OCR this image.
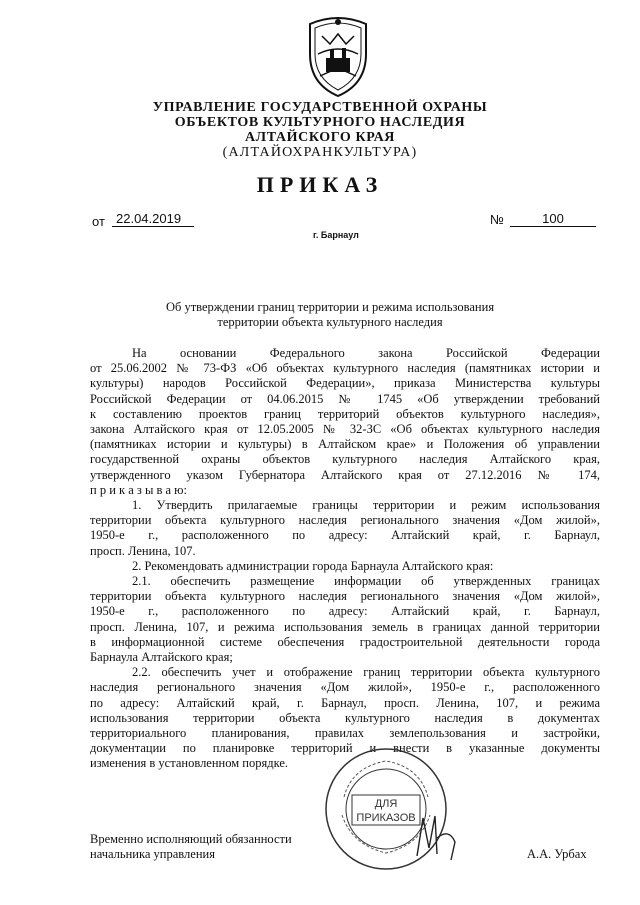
УПРАВЛЕНИЕ ГОСУДАРСТВЕННОЙ ОХРАНЫ
ОБЪЕКТОВ КУЛЬТУРНОГО НАСЛЕДИЯ
АЛТАЙСКОГО КРАЯ
(АЛТАЙОХРАНКУЛЬТУРА)
ПРИКАЗ
от 22.04.2019	№	100
г. Барнаул
Об утверждении границ территории и режима использования
территории объекта культурного наследия

На основании Федерального закона Российской Федерации

от 25.06.2002 № 73-ФЗ «Об объектах культурного наследия (памятниках истории и

культуры) народов Российской Федерации», приказа Министерства культуры

Российской Федерации от 04.06.2015 № 1745 «Об утверждении требований

к составлению проектов границ территорий объектов культурного наследия»,

закона Алтайского края от 12.05.2005 № 32-ЗС «Об объектах культурного наследия

(памятниках истории и культуры) в Алтайском крае» и Положения об управлении

государственной охраны объектов культурного наследия Алтайского края,

утвержденного указом Губернатора Алтайского края от 27.12.2016 № 174,

п р и к а з ы в а ю:

1. Утвердить прилагаемые границы территории и режим использования

территории объекта культурного наследия регионального значения «Дом жилой»,

1950-е г., расположенного по адресу: Алтайский край, г. Барнаул,

просп. Ленина, 107.

2. Рекомендовать администрации города Барнаула Алтайского края:

2.1. обеспечить размещение информации об утвержденных границах

территории объекта культурного наследия регионального значения «Дом жилой»,

1950-е г., расположенного по адресу: Алтайский край, г. Барнаул,

просп. Ленина, 107, и режима использования земель в границах данной территории

в информационной системе обеспечения градостроительной деятельности города

Барнаула Алтайского края;

2.2. обеспечить учет и отображение границ территории объекта культурного

наследия регионального значения «Дом жилой», 1950-е г., расположенного

по адресу: Алтайский край, г. Барнаул, просп. Ленина, 107, и режима

использования территории объекта культурного наследия в документах

территориального планирования, правилах землепользования и застройки,

документации по планировке территорий и внести в указанные документы

изменения в установленном порядке.

ДЛЯ
ПРИКАЗОВ
Временно исполняющий обязанности
начальника управления	А.А. Урбах
